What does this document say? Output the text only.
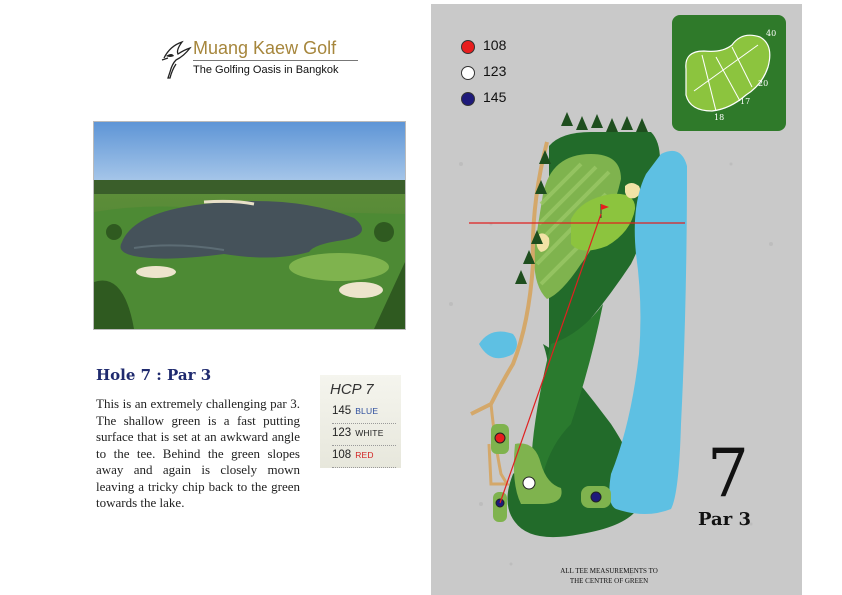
Muang Kaew Golf
The Golfing Oasis in Bangkok
Hole 7 : Par 3
This is an extremely challenging par 3. The shallow green is a fast putting surface that is set at an awkward angle to the tee. Behind the green slopes away and again is closely mown leaving a tricky chip back to the green towards the lake.
HCP 7
145 BLUE
123 WHITE
108 RED
108
123
145
40
20
17
18
7
Par 3
ALL TEE MEASUREMENTS TO
THE CENTRE OF GREEN
